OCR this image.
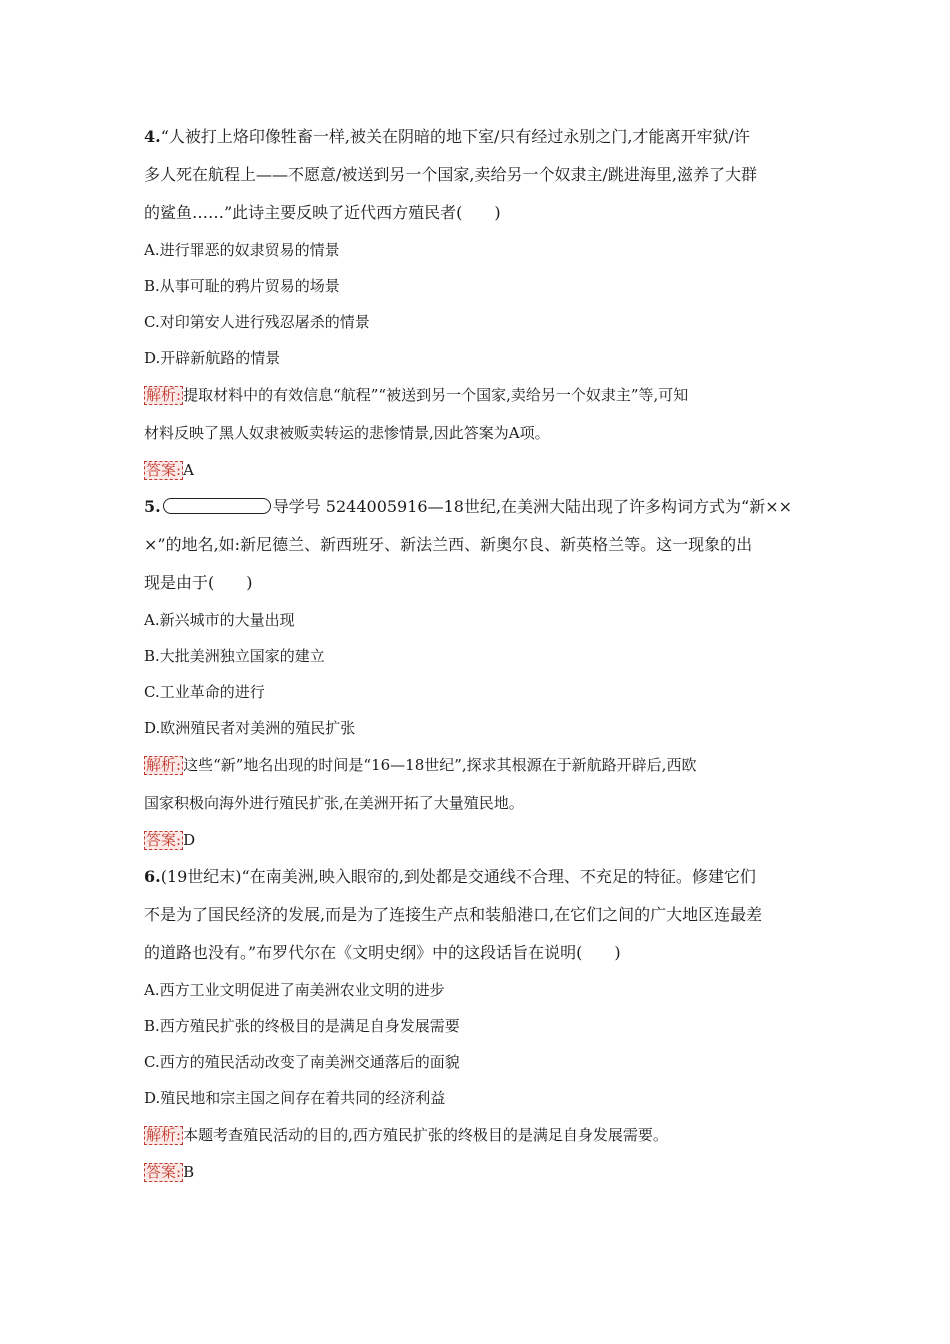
4.“人被打上烙印像牲畜一样,被关在阴暗的地下室/只有经过永别之门,才能离开牢狱/许

多人死在航程上——不愿意/被送到另一个国家,卖给另一个奴隶主/跳进海里,滋养了大群

的鲨鱼……”此诗主要反映了近代西方殖民者(　　)

A.进行罪恶的奴隶贸易的情景

B.从事可耻的鸦片贸易的场景

C.对印第安人进行残忍屠杀的情景

D.开辟新航路的情景

解析: 提取材料中的有效信息“航程”“被送到另一个国家,卖给另一个奴隶主”等,可知

材料反映了黑人奴隶被贩卖转运的悲惨情景,因此答案为A项。

答案: A

5.	导学号 5244005916—18世纪,在美洲大陆出现了许多构词方式为“新××

×”的地名,如:新尼德兰、新西班牙、新法兰西、新奥尔良、新英格兰等。这一现象的出

现是由于(　　)

A.新兴城市的大量出现

B.大批美洲独立国家的建立

C.工业革命的进行

D.欧洲殖民者对美洲的殖民扩张

解析: 这些“新”地名出现的时间是“16—18世纪”,探求其根源在于新航路开辟后,西欧

国家积极向海外进行殖民扩张,在美洲开拓了大量殖民地。

答案: D

6.(19世纪末)“在南美洲,映入眼帘的,到处都是交通线不合理、不充足的特征。修建它们

不是为了国民经济的发展,而是为了连接生产点和装船港口,在它们之间的广大地区连最差

的道路也没有。”布罗代尔在《文明史纲》中的这段话旨在说明(　　)

A.西方工业文明促进了南美洲农业文明的进步

B.西方殖民扩张的终极目的是满足自身发展需要

C.西方的殖民活动改变了南美洲交通落后的面貌

D.殖民地和宗主国之间存在着共同的经济利益

解析: 本题考查殖民活动的目的,西方殖民扩张的终极目的是满足自身发展需要。

答案: B
